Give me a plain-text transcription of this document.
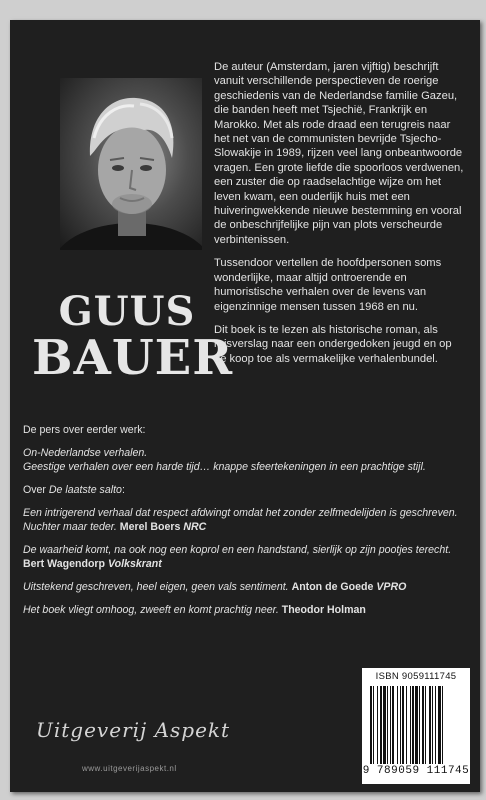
GUUS
BAUER

De auteur (Amsterdam, jaren vijftig) beschrijft vanuit verschillende perspectieven de roerige geschiedenis van de Nederlandse familie Gazeu, die banden heeft met Tsjechië, Frankrijk en Marokko. Met als rode draad een terugreis naar het net van de communisten bevrijde Tsjecho-Slowakije in 1989, rijzen veel lang onbeantwoorde vragen. Een grote liefde die spoorloos verdwenen, een zuster die op raadselachtige wijze om het leven kwam, een ouderlijk huis met een huiveringwekkende nieuwe bestemming en vooral de onbeschrijfelijke pijn van plots verscheurde verbintenissen.

Tussendoor vertellen de hoofdpersonen soms wonderlijke, maar altijd ontroerende en humoristische verhalen over de levens van eigenzinnige mensen tussen 1968 en nu.

Dit boek is te lezen als historische roman, als reisverslag naar een ondergedoken jeugd en op de koop toe als vermakelijke verhalenbundel.

De pers over eerder werk:

On-Nederlandse verhalen.
Geestige verhalen over een harde tijd… knappe sfeertekeningen in een prachtige stijl.

Over De laatste salto:

Een intrigerend verhaal dat respect afdwingt omdat het zonder zelfmedelijden is geschreven. Nuchter maar teder. Merel Boers NRC

De waarheid komt, na ook nog een koprol en een handstand, sierlijk op zijn pootjes terecht.
Bert Wagendorp Volkskrant

Uitstekend geschreven, heel eigen, geen vals sentiment. Anton de Goede VPRO

Het boek vliegt omhoog, zweeft en komt prachtig neer. Theodor Holman

Uitgeverij Aspekt
www.uitgeverijaspekt.nl
ISBN 9059111745
9 789059 111745
